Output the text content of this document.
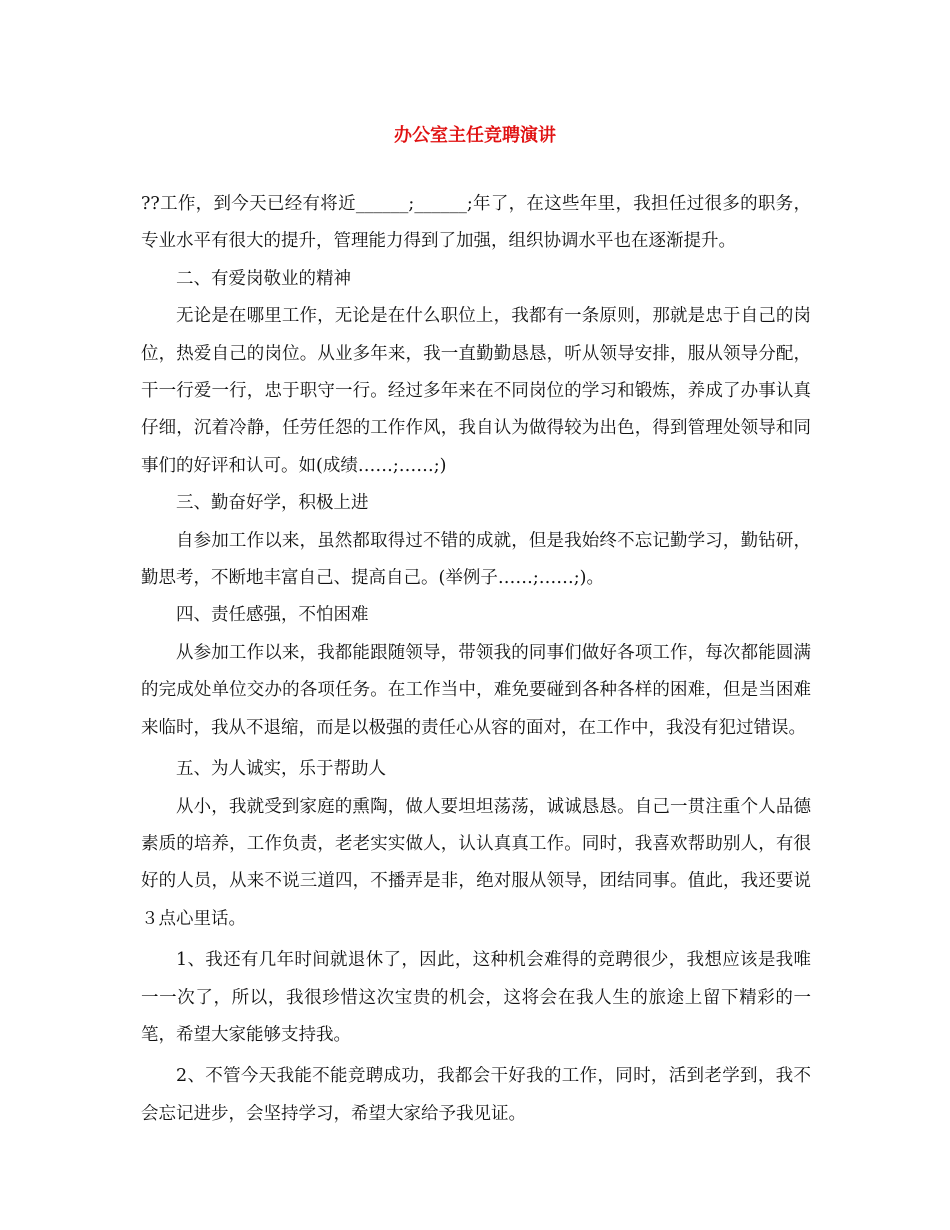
办公室主任竞聘演讲

??工作，到今天已经有将近______;______;年了，在这些年里，我担任过很多的职务，专业水平有很大的提升，管理能力得到了加强，组织协调水平也在逐渐提升。

二、有爱岗敬业的精神

无论是在哪里工作，无论是在什么职位上，我都有一条原则，那就是忠于自己的岗位，热爱自己的岗位。从业多年来，我一直勤勤恳恳，听从领导安排，服从领导分配，干一行爱一行，忠于职守一行。经过多年来在不同岗位的学习和锻炼，养成了办事认真仔细，沉着冷静，任劳任怨的工作作风，我自认为做得较为出色，得到管理处领导和同事们的好评和认可。如(成绩……;……;)

三、勤奋好学，积极上进

自参加工作以来，虽然都取得过不错的成就，但是我始终不忘记勤学习，勤钻研，勤思考，不断地丰富自己、提高自己。(举例子……;……;)。

四、责任感强，不怕困难

从参加工作以来，我都能跟随领导，带领我的同事们做好各项工作，每次都能圆满的完成处单位交办的各项任务。在工作当中，难免要碰到各种各样的困难，但是当困难来临时，我从不退缩，而是以极强的责任心从容的面对，在工作中，我没有犯过错误。

五、为人诚实，乐于帮助人

从小，我就受到家庭的熏陶，做人要坦坦荡荡，诚诚恳恳。自己一贯注重个人品德素质的培养，工作负责，老老实实做人，认认真真工作。同时，我喜欢帮助别人，有很好的人员，从来不说三道四，不播弄是非，绝对服从领导，团结同事。值此，我还要说３点心里话。

1、我还有几年时间就退休了，因此，这种机会难得的竞聘很少，我想应该是我唯一一次了，所以，我很珍惜这次宝贵的机会，这将会在我人生的旅途上留下精彩的一笔，希望大家能够支持我。

2、不管今天我能不能竞聘成功，我都会干好我的工作，同时，活到老学到，我不会忘记进步，会坚持学习，希望大家给予我见证。
